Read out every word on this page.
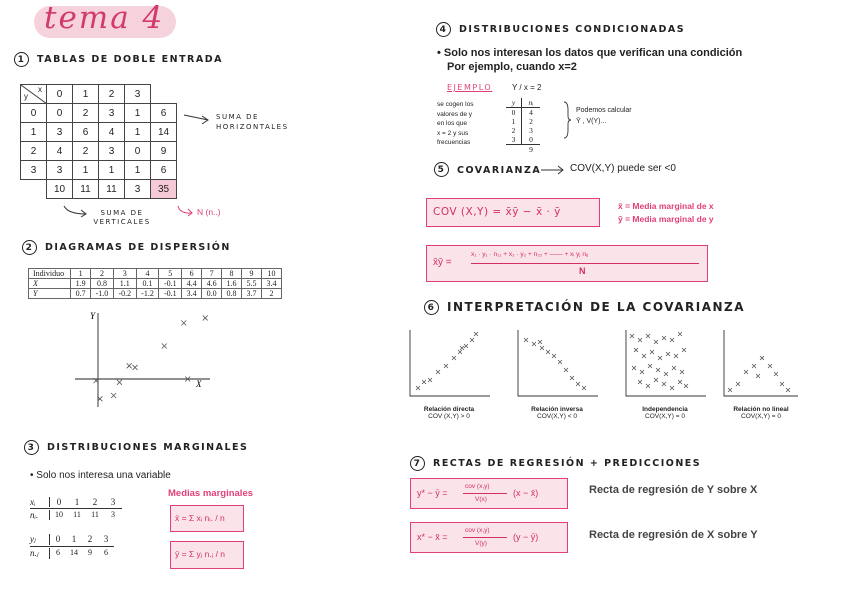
tema 4
1 TABLAS DE DOBLE ENTRADA
y
x	0	1	2	3	
0	0	2	3	1	6
1	3	6	4	1	14
2	4	2	3	0	9
3	3	1	1	1	6
	10	11	11	3	35
SUMA DE HORIZONTALES
SUMA DE VERTICALES
N (n..)
2 DIAGRAMAS DE DISPERSIÓN
Individuo	1	2	3	4	5	6	7	8	9	10
X	1.9	0.8	1.1	0.1	-0.1	4.4	4.6	1.6	5.5	3.4
Y	0.7	-1.0	-0.2	-1.2	-0.1	3.4	0.0	0.8	3.7	2
Y
X
3 DISTRIBUCIONES MARGINALES
• Solo nos interesa una variable
xᵢ	0	1	2	3
nᵢ.	10	11	11	3
yⱼ	0	1	2	3
n.ⱼ	6	14	9	6
Medias marginales
x̄ = Σ xᵢ nᵢ. / n
ȳ = Σ yⱼ n.ⱼ / n
4 DISTRIBUCIONES CONDICIONADAS
• Solo nos interesan los datos que verifican una condición
Por ejemplo, cuando x=2
EJEMPLO Y / x = 2
se cogen los
valores de y
en los que
x = 2 y sus
frecuencias
y	nᵢ
0	4
1	2
2	3
3	0
9
Podemos calcular
Ȳ , V(Y)...
5 COVARIANZA	COV(X,Y) puede ser <0
COV (X,Y) = x̄ȳ − x̄ · ȳ	x̄ = Media marginal de x
ȳ = Media marginal de y
x̄ȳ =
x₁ · y₁ · n₁₁ + x₂ · y₂ + n₂₂ + —— + xᵢ yⱼ nᵢⱼ
N
6 INTERPRETACIÓN DE LA COVARIANZA
Relación directa
COV (X,Y) > 0
Relación inversa
COV(X,Y) < 0
Independencia
COV(X,Y) = 0
Relación no lineal
COV(X,Y) = 0
7 RECTAS DE REGRESIÓN + PREDICCIONES
y* − ȳ =
cov (x,y)
V(x)
(x − x̄)	Recta de regresión de Y sobre X
x* − x̄ =
cov (x,y)
V(y)
(y − ȳ)	Recta de regresión de X sobre Y
